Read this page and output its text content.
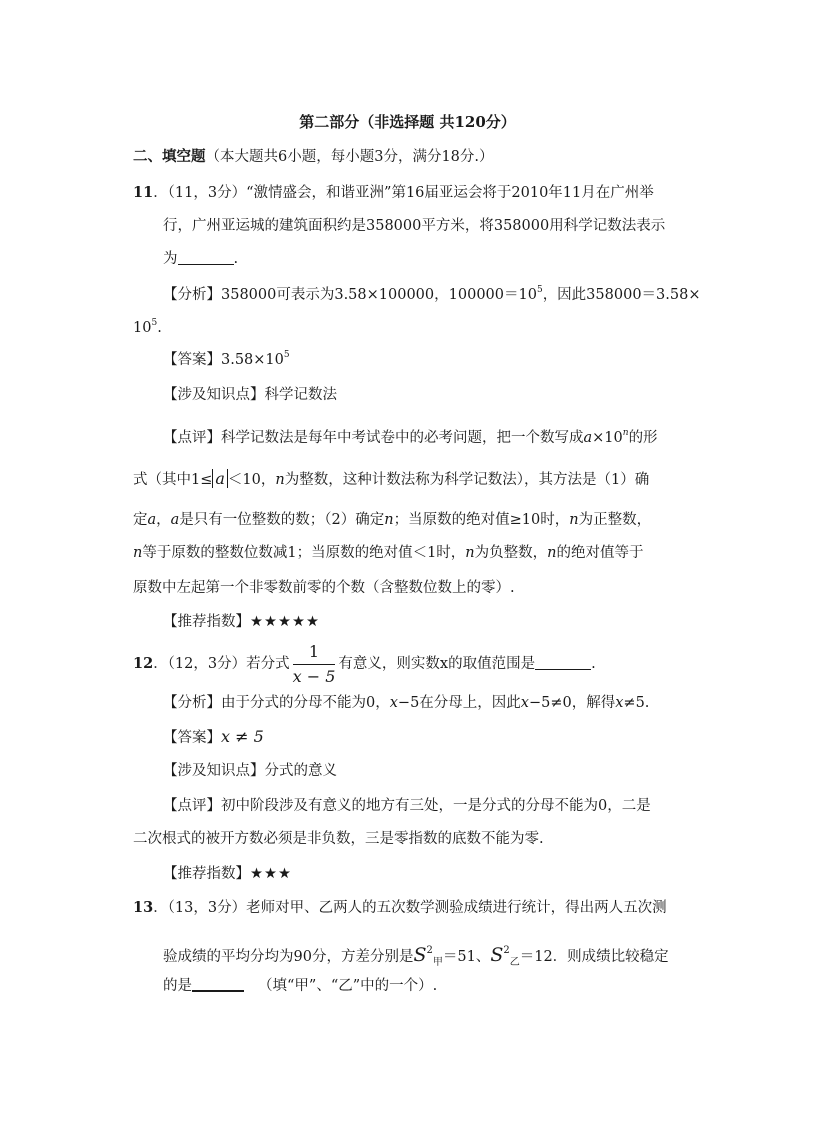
第二部分（非选择题 共120分）
二、填空题（本大题共6小题，每小题3分，满分18分.）
11．（11，3分）“激情盛会，和谐亚洲”第16届亚运会将于2010年11月在广州举
行，广州亚运城的建筑面积约是358000平方米，将358000用科学记数法表示
为	.
【分析】358000可表示为3.58×100000，$100000=10^5$，因此358000＝3.58×
$10^5$.
【答案】$3.58\times 10^5$
【涉及知识点】科学记数法
【点评】科学记数法是每年中考试卷中的必考问题，把一个数写成$a\times 10^n$的形
式（其中1≤ a ＜10，n为整数，这种计数法称为科学记数法），其方法是（1）确
定a，a是只有一位整数的数；（2）确定n；当原数的绝对值≥10时，n为正整数，
n等于原数的整数位数减1；当原数的绝对值＜1时，n为负整数，n的绝对值等于
原数中左起第一个非零数前零的个数（含整数位数上的零）.
【推荐指数】★★★★★
12．（12，3分）若分式 $\frac{1}{x - 5}$ 有意义，则实数x的取值范围是	.
【分析】由于分式的分母不能为0，x−5在分母上，因此x−5≠0，解得x≠5.
【答案】x ≠ 5
【涉及知识点】分式的意义
【点评】初中阶段涉及有意义的地方有三处，一是分式的分母不能为0，二是
二次根式的被开方数必须是非负数，三是零指数的底数不能为零.
【推荐指数】★★★
13．（13，3分）老师对甲、乙两人的五次数学测验成绩进行统计，得出两人五次测
验成绩的平均分均为90分，方差分别是$S^2_甲=51$、$S^2_乙=12$．则成绩比较稳定
的是	（填“甲”、“乙”中的一个）.
